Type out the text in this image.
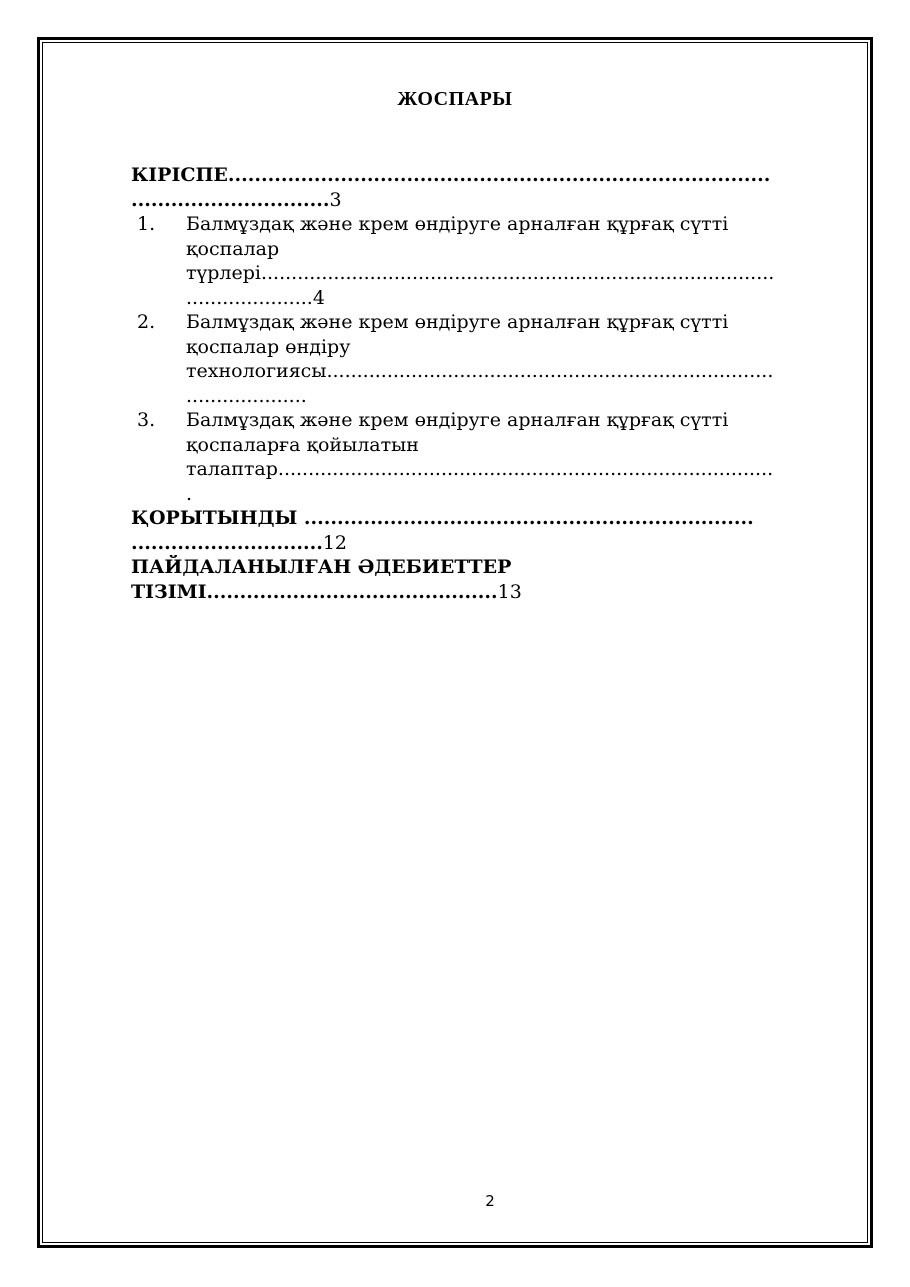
ЖОСПАРЫ
КІРІСПЕ..................................................................................
..............................3
1. Балмұздақ және крем өндіруге арналған құрғақ сүтті
қоспалар
түрлері.....................................................................................
.....................4
2. Балмұздақ және крем өндіруге арналған құрғақ сүтті
қоспалар өндіру
технологиясы..........................................................................
....................
3. Балмұздақ және крем өндіруге арналған құрғақ сүтті
қоспаларға қойылатын
талаптар..................................................................................
.
ҚОРЫТЫНДЫ ....................................................................
.............................12
ПАЙДАЛАНЫЛҒАН ӘДЕБИЕТТЕР
ТІЗІМІ............................................13
2
